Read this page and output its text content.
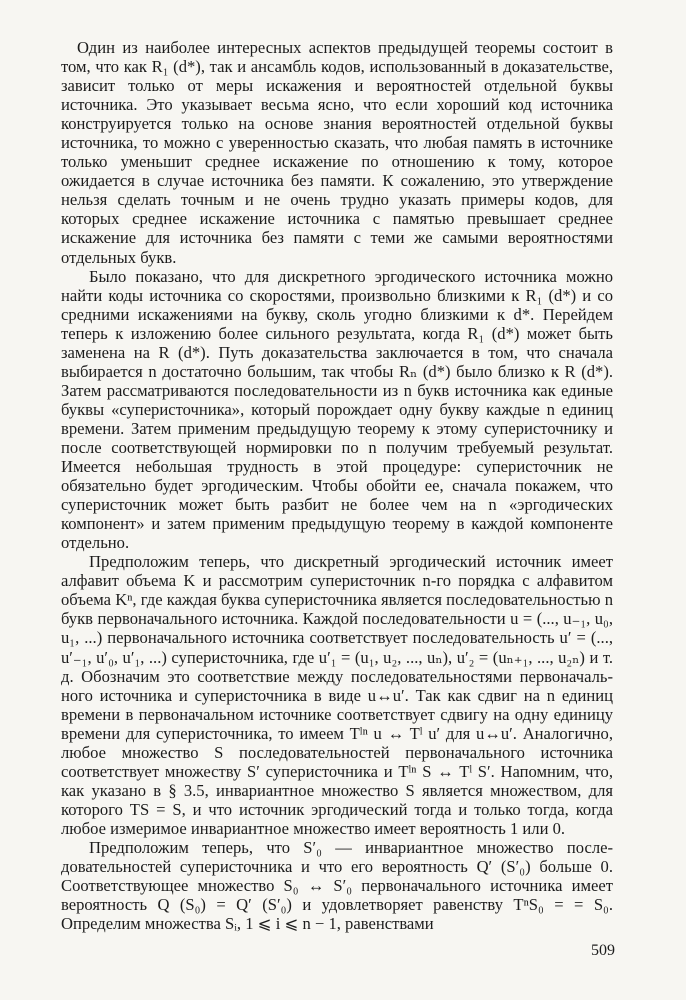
Один из наиболее интересных аспектов предыдущей теоремы состоит в том, что как R₁ (d*), так и ансамбль кодов, использованный в доказательстве, зависит только от меры искажения и вероятностей отдельной буквы источника. Это указывает весьма ясно, что если хороший код источника конструируется только на основе знания вероятностей отдельной буквы источника, то можно с уверенностью сказать, что любая память в источнике только уменьшит среднее искажение по отношению к тому, которое ожидается в случае источника без памяти. К сожалению, это утверждение нельзя сделать точным и не очень трудно указать примеры кодов, для которых среднее искажение источника с памятью превышает среднее искажение для источника без памяти с теми же самыми вероятностями отдельных букв.

Было показано, что для дискретного эргодического источника можно найти коды источника со скоростями, произвольно близкими к R₁ (d*) и со средними искажениями на букву, сколь угодно близкими к d*. Перейдем теперь к изложению более сильного результата, когда R₁ (d*) может быть заменена на R (d*). Путь доказательства заключается в том, что сначала выбирается n достаточно большим, так чтобы Rₙ (d*) было близко к R (d*). Затем рассматриваются последовательности из n букв источника как единые буквы «суперисточника», который порождает одну букву каждые n единиц времени. Затем применим предыдущую теорему к этому суперисточнику и после соответствующей нормировки по n получим требуемый результат. Имеется небольшая трудность в этой процедуре: суперисточник не обязательно будет эргодическим. Чтобы обойти ее, сначала покажем, что суперисточник может быть разбит не более чем на n «эргодических компонент» и затем применим предыдущую теорему в каждой компоненте отдельно.

Предположим теперь, что дискретный эргодический источник имеет алфавит объема K и рассмотрим суперисточник n-го порядка с алфавитом объема Kⁿ, где каждая буква суперисточника является последовательностью n букв первоначального источника. Каждой последовательности u = (..., u₋₁, u₀, u₁, ...) первоначального источника соответствует последовательность u′ = (..., u′₋₁, u′₀, u′₁, ...) суперисточника, где u′₁ = (u₁, u₂, ..., uₙ), u′₂ = (uₙ₊₁, ..., u₂ₙ) и т. д. Обозначим это соответствие между последовательностями первоначального источника и суперисточника в виде u↔u′. Так как сдвиг на n единиц времени в первоначальном источнике соответствует сдвигу на одну единицу времени для суперисточника, то имеем Tˡⁿ u ↔ Tˡ u′ для u↔u′. Аналогично, любое множество S последовательностей первоначального источника соответствует множеству S′ суперисточника и Tˡⁿ S ↔ Tˡ S′. Напомним, что, как указано в § 3.5, инвариантное множество S является множеством, для которого TS = S, и что источник эргодический тогда и только тогда, когда любое измеримое инвариантное множество имеет вероятность 1 или 0.

Предположим теперь, что S′₀ — инвариантное множество последовательностей суперисточника и что его вероятность Q′ (S′₀) больше 0. Соответствующее множество S₀ ↔ S′₀ первоначального источника имеет вероятность Q (S₀) = Q′ (S′₀) и удовлетворяет равенству TⁿS₀ = = S₀. Определим множества Sᵢ, 1 ⩽ i ⩽ n − 1, равенствами

509
